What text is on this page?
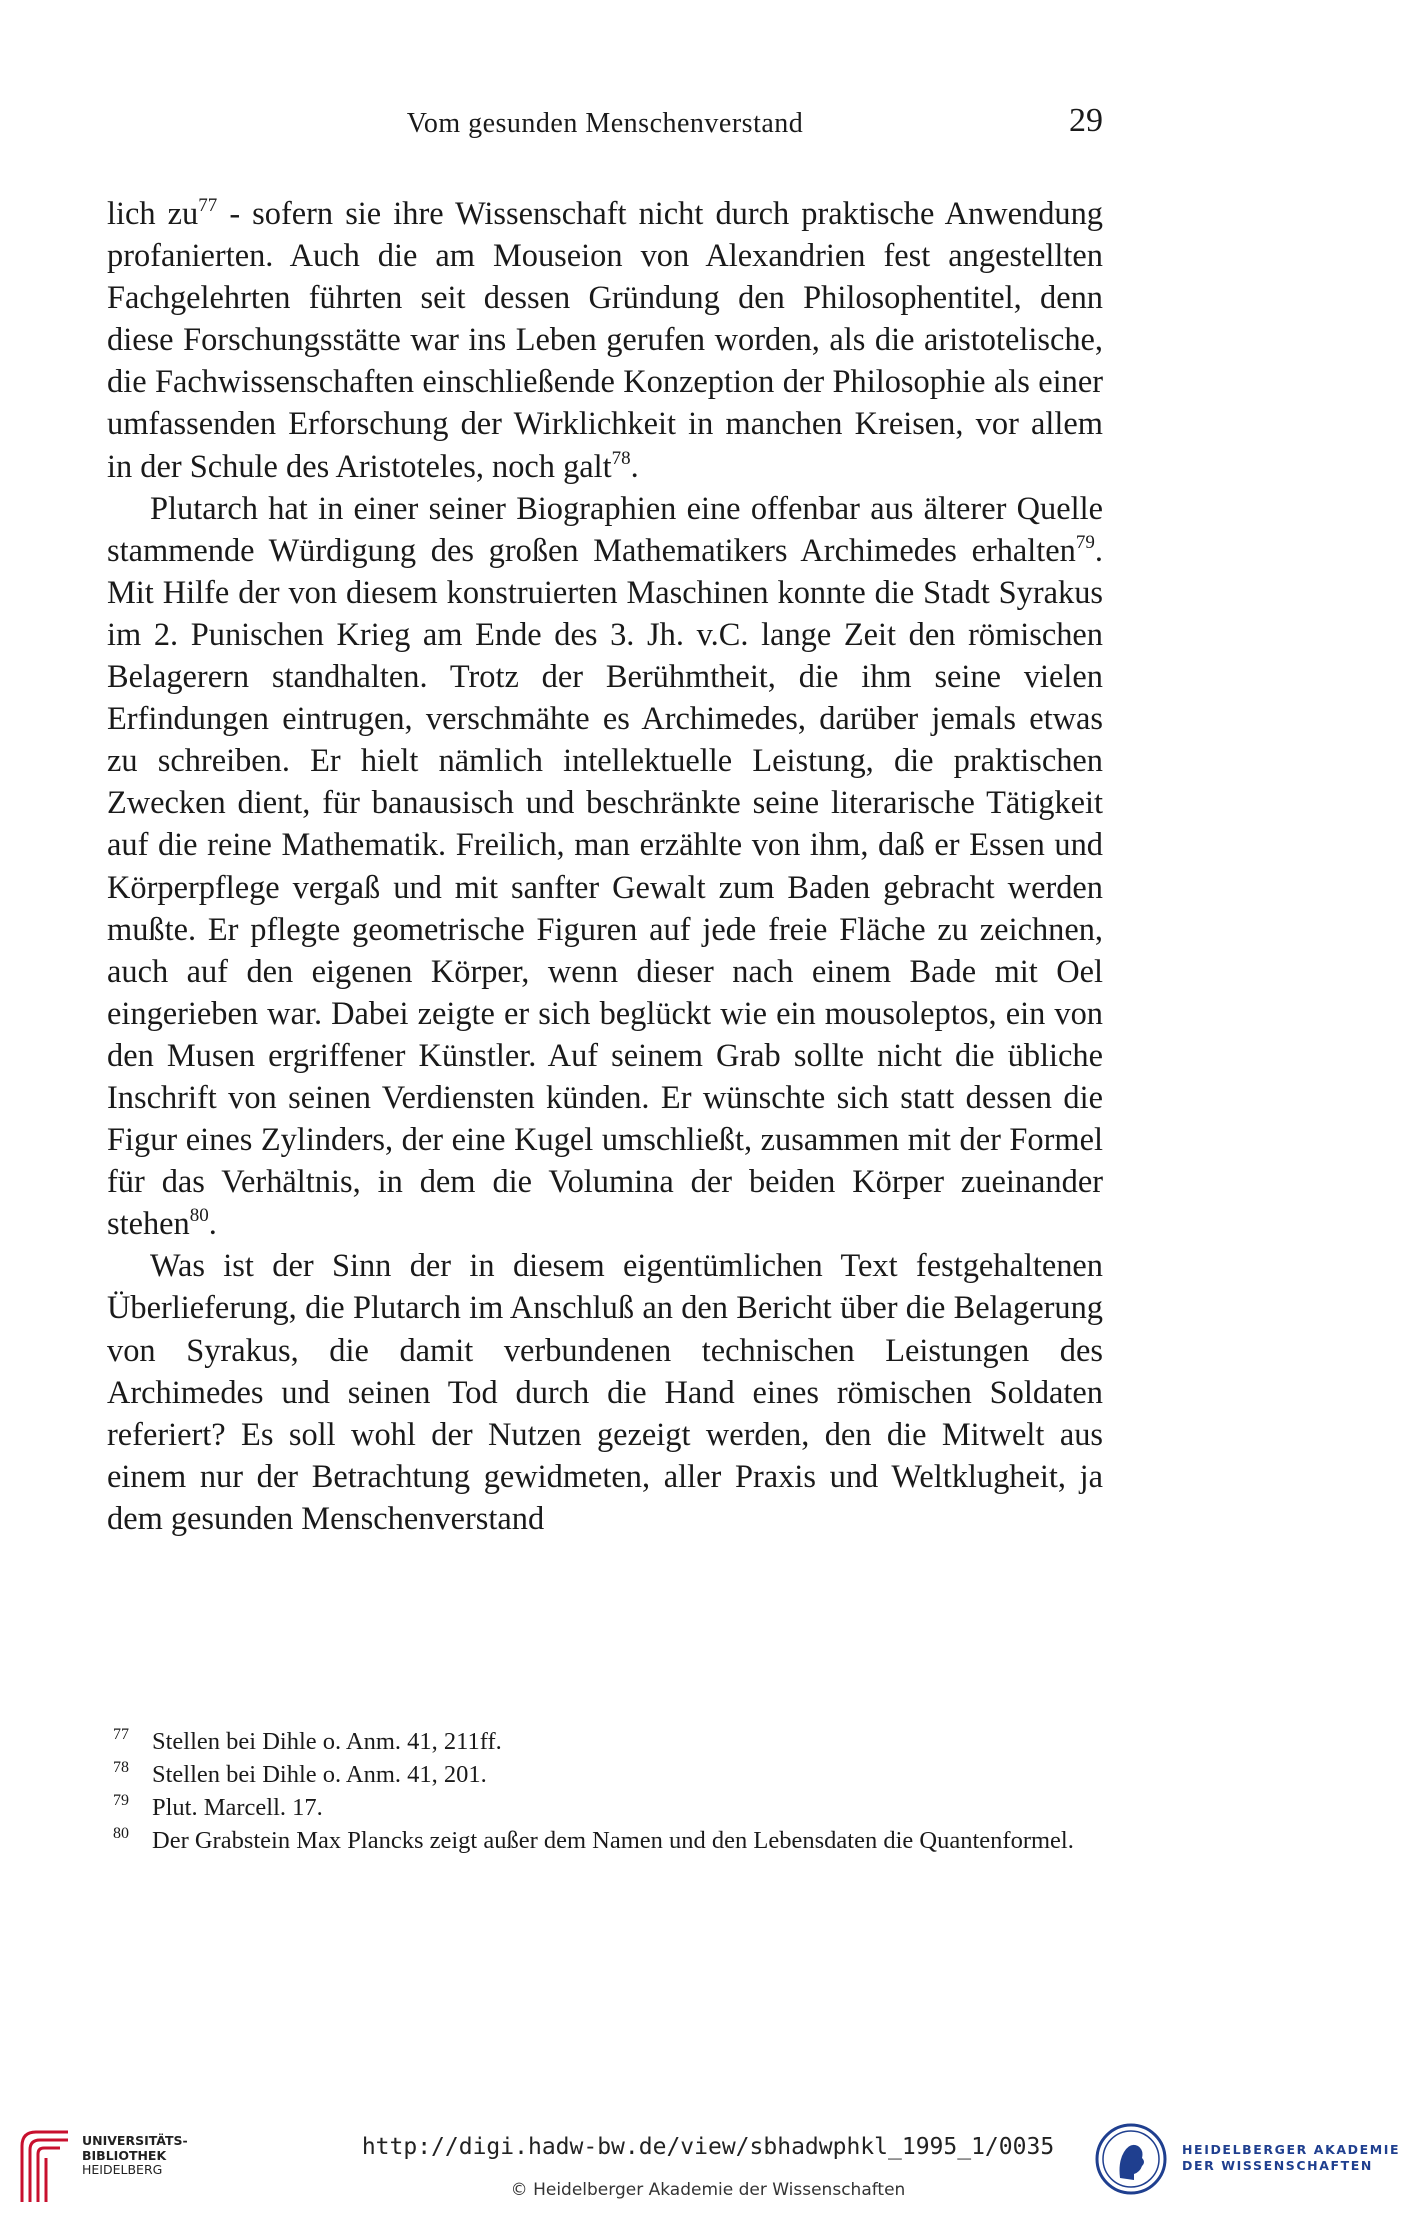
Vom gesunden Menschenverstand	29

lich zu$^{77}$ - sofern sie ihre Wissenschaft nicht durch praktische Anwendung profanierten. Auch die am Mouseion von Alexandrien fest angestellten Fachgelehrten führten seit dessen Gründung den Philosophentitel, denn diese Forschungsstätte war ins Leben gerufen worden, als die aristotelische, die Fachwissenschaften einschließende Konzeption der Philosophie als einer umfassenden Erforschung der Wirklichkeit in manchen Kreisen, vor allem in der Schule des Aristoteles, noch galt$^{78}$.

Plutarch hat in einer seiner Biographien eine offenbar aus älterer Quelle stammende Würdigung des großen Mathematikers Archimedes erhalten$^{79}$. Mit Hilfe der von diesem konstruierten Maschinen konnte die Stadt Syrakus im 2. Punischen Krieg am Ende des 3. Jh. v.C. lange Zeit den römischen Belagerern standhalten. Trotz der Berühmtheit, die ihm seine vielen Erfindungen eintrugen, verschmähte es Archimedes, darüber jemals etwas zu schreiben. Er hielt nämlich intellektuelle Leistung, die praktischen Zwecken dient, für banausisch und beschränkte seine literarische Tätigkeit auf die reine Mathematik. Freilich, man erzählte von ihm, daß er Essen und Körperpflege vergaß und mit sanfter Gewalt zum Baden gebracht werden mußte. Er pflegte geometrische Figuren auf jede freie Fläche zu zeichnen, auch auf den eigenen Körper, wenn dieser nach einem Bade mit Oel eingerieben war. Dabei zeigte er sich beglückt wie ein mousoleptos, ein von den Musen ergriffener Künstler. Auf seinem Grab sollte nicht die übliche Inschrift von seinen Verdiensten künden. Er wünschte sich statt dessen die Figur eines Zylinders, der eine Kugel umschließt, zusammen mit der Formel für das Verhältnis, in dem die Volumina der beiden Körper zueinander stehen$^{80}$.

Was ist der Sinn der in diesem eigentümlichen Text festgehaltenen Überlieferung, die Plutarch im Anschluß an den Bericht über die Belagerung von Syrakus, die damit verbundenen technischen Leistungen des Archimedes und seinen Tod durch die Hand eines römischen Soldaten referiert? Es soll wohl der Nutzen gezeigt werden, den die Mitwelt aus einem nur der Betrachtung gewidmeten, aller Praxis und Weltklugheit, ja dem gesunden Menschenverstand

77 Stellen bei Dihle o. Anm. 41, 211ff.
78 Stellen bei Dihle o. Anm. 41, 201.
79 Plut. Marcell. 17.
80 Der Grabstein Max Plancks zeigt außer dem Namen und den Lebensdaten die Quantenformel.
UNIVERSITÄTS-
BIBLIOTHEK
HEIDELBERG
http://digi.hadw-bw.de/view/sbhadwphkl_1995_1/0035
© Heidelberger Akademie der Wissenschaften
HEIDELBERGER AKADEMIE
DER WISSENSCHAFTEN
